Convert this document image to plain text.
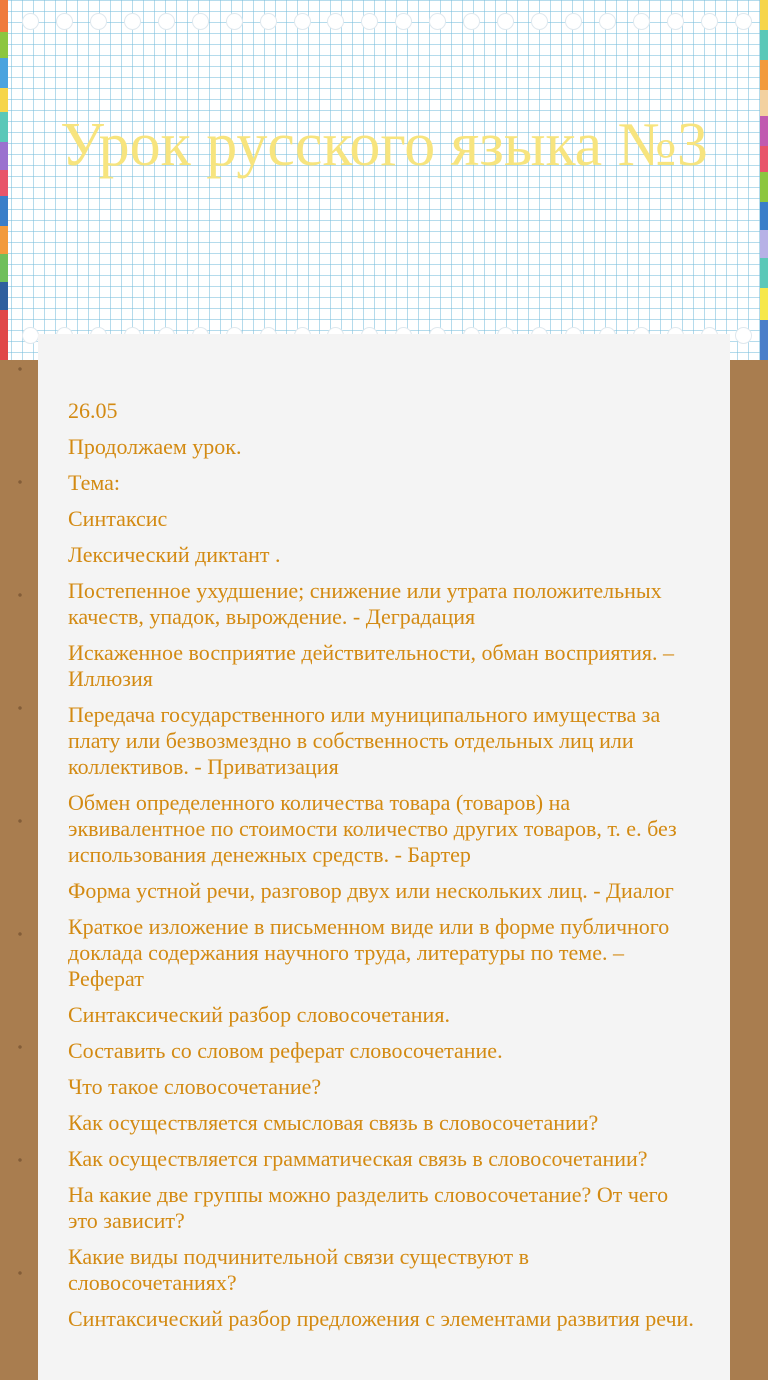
Урок русского языка №3

26.05

Продолжаем урок.

Тема:

Синтаксис

Лексический диктант .

Постепенное ухудшение; снижение или утрата положительных качеств, упадок, вырождение. - Деградация

Искаженное восприятие действительности, обман восприятия. – Иллюзия

Передача государственного или муниципального имущества за плату или безвозмездно в собственность отдельных лиц или коллективов. - Приватизация

Обмен определенного количества товара (товаров) на эквивалентное по стоимости количество других товаров, т. е. без использования денежных средств. - Бартер

Форма устной речи, разговор двух или нескольких лиц. - Диалог

Краткое изложение в письменном виде или в форме публичного доклада содержания научного труда, литературы по теме. – Реферат

Синтаксический разбор словосочетания.

Составить со словом реферат словосочетание.

Что такое словосочетание?

Как осуществляется смысловая связь в словосочетании?

Как осуществляется грамматическая связь в словосочетании?

На какие две группы можно разделить словосочетание? От чего это зависит?

Какие виды подчинительной связи существуют в словосочетаниях?

Синтаксический разбор предложения с элементами развития речи.
